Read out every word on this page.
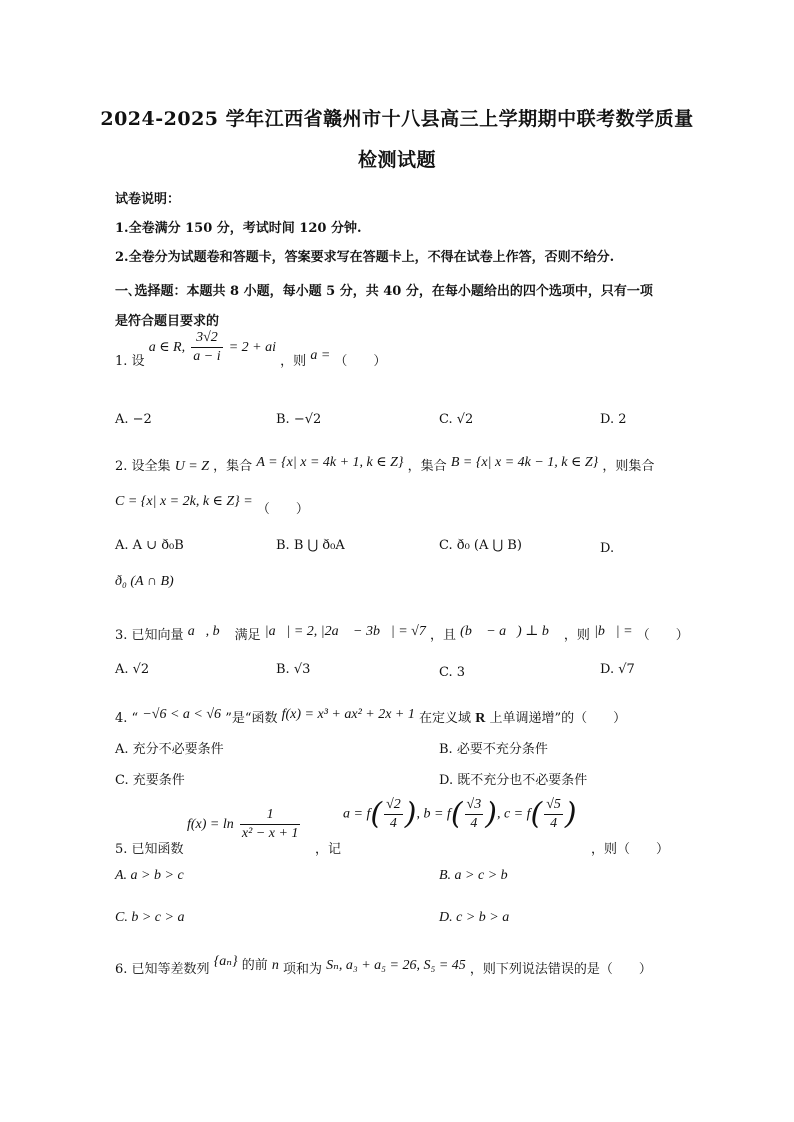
2024-2025 学年江西省赣州市十八县高三上学期期中联考数学质量
检测试题
试卷说明：
1.全卷满分 150 分，考试时间 120 分钟.
2.全卷分为试题卷和答题卡，答案要求写在答题卡上，不得在试卷上作答，否则不给分.
一､选择题：本题共 8 小题，每小题 5 分，共 40 分，在每小题给出的四个选项中，只有一项
是符合题目要求的
1. 设 a ∈ R, $\frac{3√2}{a - i} = 2$ + ai ，则 a = （　　）
A. −2	B. −√2	C. √2	D. 2
2. 设全集 U = Z ，集合 A = {x| x = 4k + 1, k ∈ Z} ，集合 B = {x| x = 4k − 1, k ∈ Z} ，则集合
C = {x| x = 2k, k ∈ Z} = （　　）
A. A ∪ ð₀B	B. B ⋃ ð₀A	C. ð₀ (A ⋃ B)	D.
ð₀ (A ∩ B)
3. 已知向量 a⃗, b⃗ 满足 |a⃗| = 2, |2a⃗ − 3b⃗| = √7 ，且 (b⃗ − a⃗) ⊥ b⃗ ，则 |b⃗| = （　　）
A. √2	B. √3	C. 3	D. √7
4. “ −√6 < a < √6 ”是“函数 f(x) = x³ + ax² + 2x + 1 在定义域 R 上单调递增”的（　　）
A. 充分不必要条件	B. 必要不充分条件
C. 充要条件	D. 既不充分也不必要条件
5. 已知函数
$f(x) = \ln \frac{1}{\text{x² − x + 1}}$
，记
$a = f( \frac{√2}{4}$ ), $b = f( \frac{√3}{4}$ ), $c = f( \frac{√5}{4}$ )
，则（　　）
A. a > b > c	B. a > c > b
C. b > c > a	D. c > b > a
6. 已知等差数列 {aₙ} 的前 n 项和为 Sₙ, a₃ + a₅ = 26, S₅ = 45 ，则下列说法错误的是（　　）
